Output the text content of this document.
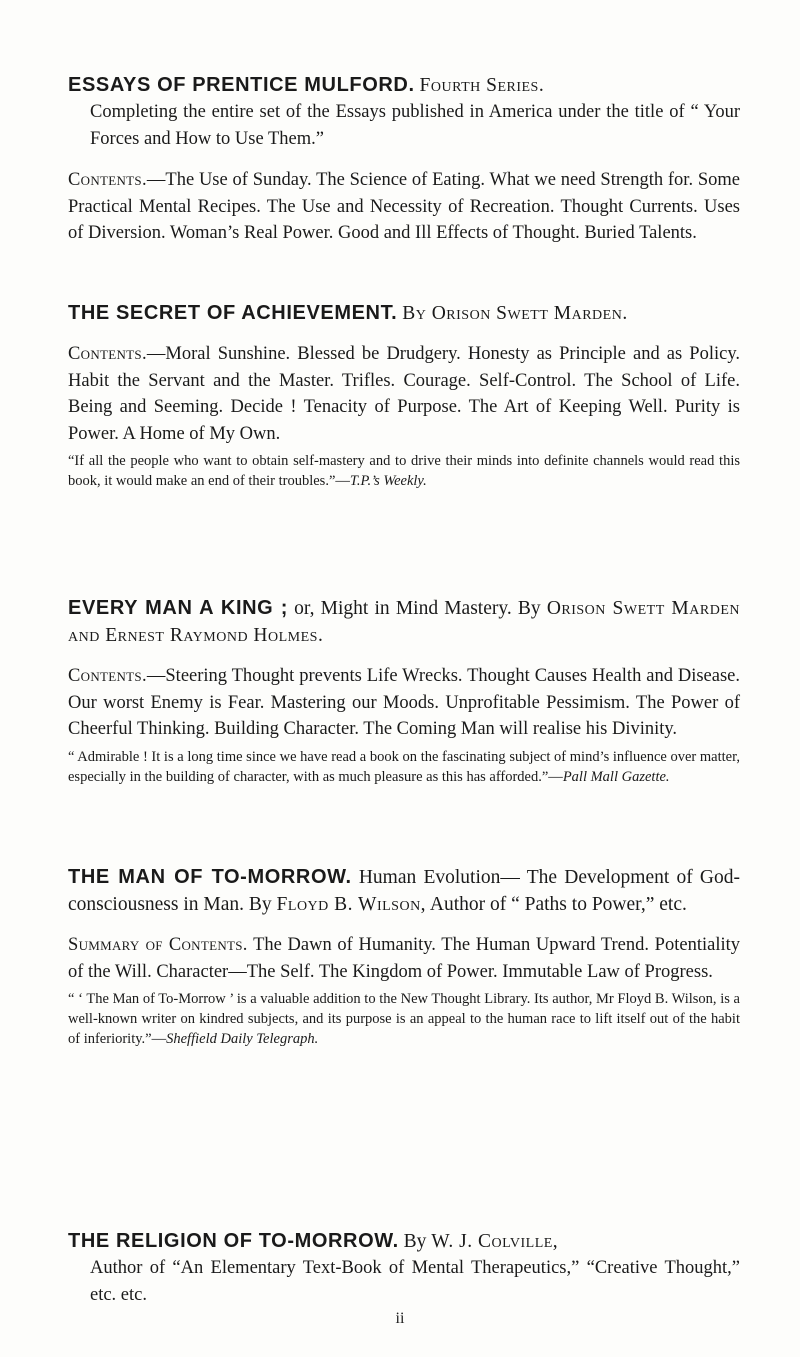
ESSAYS OF PRENTICE MULFORD. Fourth Series.

Completing the entire set of the Essays published in America under the title of “ Your Forces and How to Use Them.”

Contents.—The Use of Sunday. The Science of Eating. What we need Strength for. Some Practical Mental Recipes. The Use and Necessity of Recreation. Thought Currents. Uses of Diversion. Woman’s Real Power. Good and Ill Effects of Thought. Buried Talents.

THE SECRET OF ACHIEVEMENT. By Orison Swett Marden.

Contents.—Moral Sunshine. Blessed be Drudgery. Honesty as Principle and as Policy. Habit the Servant and the Master. Trifles. Courage. Self-Control. The School of Life. Being and Seeming. Decide ! Tenacity of Purpose. The Art of Keeping Well. Purity is Power. A Home of My Own.

“If all the people who want to obtain self-mastery and to drive their minds into definite channels would read this book, it would make an end of their troubles.”—T.P.’s Weekly.

EVERY MAN A KING ; or, Might in Mind Mastery. By Orison Swett Marden and Ernest Raymond Holmes.

Contents.—Steering Thought prevents Life Wrecks. Thought Causes Health and Disease. Our worst Enemy is Fear. Mastering our Moods. Unprofitable Pessimism. The Power of Cheerful Thinking. Building Character. The Coming Man will realise his Divinity.

“ Admirable ! It is a long time since we have read a book on the fascinating subject of mind’s influence over matter, especially in the building of character, with as much pleasure as this has afforded.”—Pall Mall Gazette.

THE MAN OF TO-MORROW. Human Evolution— The Development of God-consciousness in Man. By Floyd B. Wilson, Author of “ Paths to Power,” etc.

Summary of Contents. The Dawn of Humanity. The Human Upward Trend. Potentiality of the Will. Character—The Self. The Kingdom of Power. Immutable Law of Progress.

“ ‘ The Man of To-Morrow ’ is a valuable addition to the New Thought Library. Its author, Mr Floyd B. Wilson, is a well-known writer on kindred subjects, and its purpose is an appeal to the human race to lift itself out of the habit of inferiority.”—Sheffield Daily Telegraph.

THE RELIGION OF TO-MORROW. By W. J. Colville,

Author of “An Elementary Text-Book of Mental Therapeutics,” “Creative Thought,” etc. etc.

ii
